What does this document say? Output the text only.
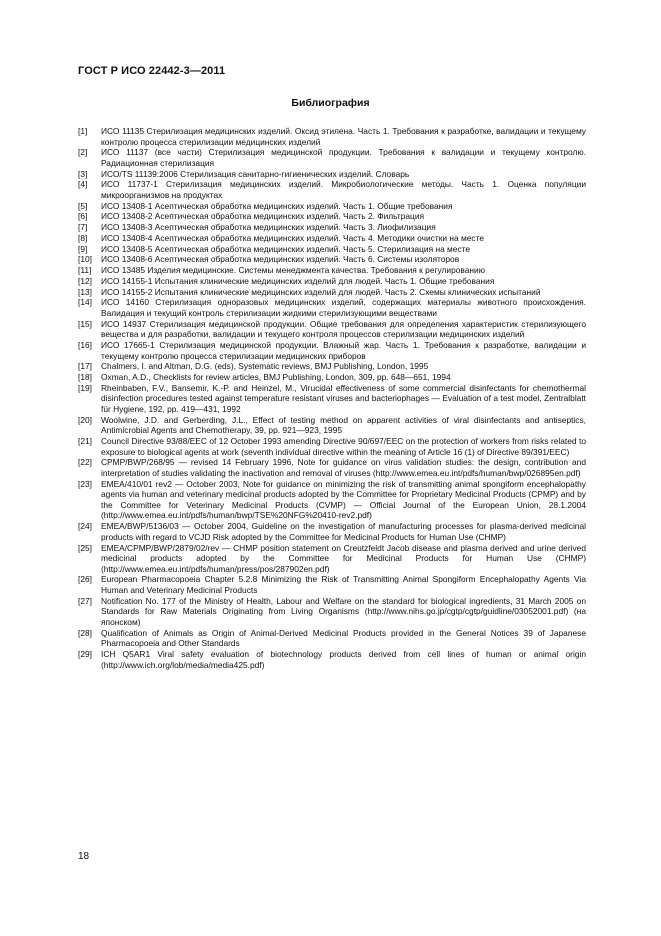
ГОСТ Р ИСО 22442-3—2011
Библиография
[1]	ИСО 11135 Стерилизация медицинских изделий. Оксид этилена. Часть 1. Требования к разработке, валидации и текущему контролю процесса стерилизации медицинских изделий
[2]	ИСО 11137 (все части) Стерилизация медицинской продукции. Требования к валидации и текущему контролю. Радиационная стерилизация
[3]	ИСО/TS 11139:2006 Стерилизация санитарно-гигиенических изделий. Словарь
[4]	ИСО 11737-1 Стерилизация медицинских изделий. Микробиологические методы. Часть 1. Оценка популяции микроорганизмов на продуктах
[5]	ИСО 13408-1 Асептическая обработка медицинских изделий. Часть 1. Общие требования
[6]	ИСО 13408-2 Асептическая обработка медицинских изделий. Часть 2. Фильтрация
[7]	ИСО 13408-3 Асептическая обработка медицинских изделий. Часть 3. Лиофилизация
[8]	ИСО 13408-4 Асептическая обработка медицинских изделий. Часть 4. Методики очистки на месте
[9]	ИСО 13408-5 Асептическая обработка медицинских изделий. Часть 5. Стерилизация на месте
[10]	ИСО 13408-6 Асептическая обработка медицинских изделий. Часть 6. Системы изоляторов
[11]	ИСО 13485 Изделия медицинские. Системы менеджмента качества. Требования к регулированию
[12]	ИСО 14155-1 Испытания клинические медицинских изделий для людей. Часть 1. Общие требования
[13]	ИСО 14155-2 Испытания клинические медицинских изделий для людей. Часть 2. Схемы клинических испытаний
[14]	ИСО 14160 Стерилизация одноразовых медицинских изделий, содержащих материалы животного происхождения. Валидация и текущий контроль стерилизации жидкими стерилизующими веществами
[15]	ИСО 14937 Стерилизация медицинской продукции. Общие требования для определения характеристик стерилизующего вещества и для разработки, валидации и текущего контроля процессов стерилизации медицинских изделий
[16]	ИСО 17665-1 Стерилизация медицинской продукции. Влажный жар. Часть 1. Требования к разработке, валидации и текущему контролю процесса стерилизации медицинских приборов
[17]	Chalmers, I. and Altman, D.G. (eds), Systematic reviews, BMJ Publishing, London, 1995
[18]	Oxman, A.D., Checklists for review articles, BMJ Publishing, London, 309, pp. 648—651, 1994
[19]	Rheinbaben, F.V., Bansemir, K.-P. and Heinzel, M., Virucidal effectiveness of some commercial disinfectants for chemothermal disinfection procedures tested against temperature resistant viruses and bacteriophages — Evaluation of a test model, Zentralblatt für Hygiene, 192, pp. 419—431, 1992
[20]	Woolwine, J.D. and Gerberding, J.L., Effect of testing method on apparent activities of viral disinfectants and antiseptics, Antimicrobial Agents and Chemotherapy, 39, pp. 921—923, 1995
[21]	Council Directive 93/88/EEC of 12 October 1993 amending Directive 90/697/EEC on the protection of workers from risks related to exposure to biological agents at work (seventh individual directive within the meaning of Article 16 (1) of Directive 89/391/EEC)
[22]	CPMP/BWP/268/95 — revised 14 February 1996, Note for guidance on virus validation studies: the design, contribution and interpretation of studies validating the inactivation and removal of viruses (http://www.emea.eu.int/pdfs/human/bwp/026895en.pdf)
[23]	EMEA/410/01 rev2 — October 2003, Note for guidance on minimizing the risk of transmitting animal spongiform encephalopathy agents via human and veterinary medicinal products adopted by the Committee for Proprietary Medicinal Products (CPMP) and by the Committee for Veterinary Medicinal Products (CVMP) — Official Journal of the European Union, 28.1.2004 (http://www.emea.eu.int/pdfs/human/bwp/TSE%20NFG%20410-rev2.pdf)
[24]	EMEA/BWP/5136/03 — October 2004, Guideline on the investigation of manufacturing processes for plasma-derived medicinal products with regard to VCJD Risk adopted by the Committee for Medicinal Products for Human Use (CHMP)
[25]	EMEA/CPMP/BWP/2879/02/rev — CHMP position statement on Creutzfeldt Jacob disease and plasma derived and urine derived medicinal products adopted by the Committee for Medicinal Products for Human Use (CHMP) (http://www.emea.eu.int/pdfs/human/press/pos/287902en.pdf)
[26]	European Pharmacopoeia Chapter 5.2.8 Minimizing the Risk of Transmitting Animal Spongiform Encephalopathy Agents Via Human and Veterinary Medicinal Products
[27]	Notification No. 177 of the Ministry of Health, Labour and Welfare on the standard for biological ingredients, 31 March 2005 on Standards for Raw Materials Originating from Living Organisms (http://www.nihs.go.jp/cgtp/cgtp/guidline/03052001.pdf) (на японском)
[28]	Qualification of Animals as Origin of Animal-Derived Medicinal Products provided in the General Notices 39 of Japanese Pharmacopoeia and Other Standards
[29]	ICH Q5AR1 Viral safety evaluation of biotechnology products derived from cell lines of human or animal origin (http://www.ich.org/lob/media/media425.pdf)
18
